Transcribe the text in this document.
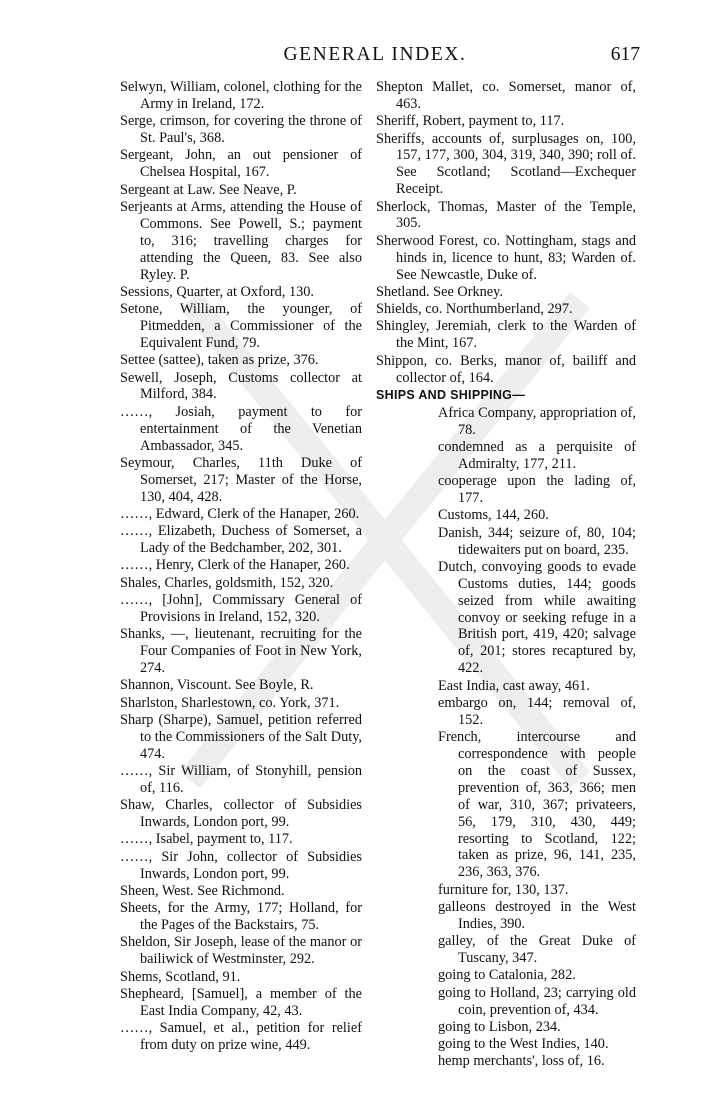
GENERAL INDEX.	617
Selwyn, William, colonel, clothing for the Army in Ireland, 172.
Serge, crimson, for covering the throne of St. Paul's, 368.
Sergeant, John, an out pensioner of Chelsea Hospital, 167.
Sergeant at Law. See Neave, P.
Serjeants at Arms, attending the House of Commons. See Powell, S.; payment to, 316; travelling charges for attending the Queen, 83. See also Ryley. P.
Sessions, Quarter, at Oxford, 130.
Setone, William, the younger, of Pitmedden, a Commissioner of the Equivalent Fund, 79.
Settee (sattee), taken as prize, 376.
Sewell, Joseph, Customs collector at Milford, 384.
……, Josiah, payment to for entertainment of the Venetian Ambassador, 345.
Seymour, Charles, 11th Duke of Somerset, 217; Master of the Horse, 130, 404, 428.
……, Edward, Clerk of the Hanaper, 260.
……, Elizabeth, Duchess of Somerset, a Lady of the Bedchamber, 202, 301.
……, Henry, Clerk of the Hanaper, 260.
Shales, Charles, goldsmith, 152, 320.
……, [John], Commissary General of Provisions in Ireland, 152, 320.
Shanks, —, lieutenant, recruiting for the Four Companies of Foot in New York, 274.
Shannon, Viscount. See Boyle, R.
Sharlston, Sharlestown, co. York, 371.
Sharp (Sharpe), Samuel, petition referred to the Commissioners of the Salt Duty, 474.
……, Sir William, of Stonyhill, pension of, 116.
Shaw, Charles, collector of Subsidies Inwards, London port, 99.
……, Isabel, payment to, 117.
……, Sir John, collector of Subsidies Inwards, London port, 99.
Sheen, West. See Richmond.
Sheets, for the Army, 177; Holland, for the Pages of the Backstairs, 75.
Sheldon, Sir Joseph, lease of the manor or bailiwick of Westminster, 292.
Shems, Scotland, 91.
Shepheard, [Samuel], a member of the East India Company, 42, 43.
……, Samuel, et al., petition for relief from duty on prize wine, 449.
Shepton Mallet, co. Somerset, manor of, 463.
Sheriff, Robert, payment to, 117.
Sheriffs, accounts of, surplusages on, 100, 157, 177, 300, 304, 319, 340, 390; roll of. See Scotland; Scotland—Exchequer Receipt.
Sherlock, Thomas, Master of the Temple, 305.
Sherwood Forest, co. Nottingham, stags and hinds in, licence to hunt, 83; Warden of. See Newcastle, Duke of.
Shetland. See Orkney.
Shields, co. Northumberland, 297.
Shingley, Jeremiah, clerk to the Warden of the Mint, 167.
Shippon, co. Berks, manor of, bailiff and collector of, 164.
SHIPS AND SHIPPING—
Africa Company, appropriation of, 78.
condemned as a perquisite of Admiralty, 177, 211.
cooperage upon the lading of, 177.
Customs, 144, 260.
Danish, 344; seizure of, 80, 104; tidewaiters put on board, 235.
Dutch, convoying goods to evade Customs duties, 144; goods seized from while awaiting convoy or seeking refuge in a British port, 419, 420; salvage of, 201; stores recaptured by, 422.
East India, cast away, 461.
embargo on, 144; removal of, 152.
French, intercourse and correspondence with people on the coast of Sussex, prevention of, 363, 366; men of war, 310, 367; privateers, 56, 179, 310, 430, 449; resorting to Scotland, 122; taken as prize, 96, 141, 235, 236, 363, 376.
furniture for, 130, 137.
galleons destroyed in the West Indies, 390.
galley, of the Great Duke of Tuscany, 347.
going to Catalonia, 282.
going to Holland, 23; carrying old coin, prevention of, 434.
going to Lisbon, 234.
going to the West Indies, 140.
hemp merchants', loss of, 16.
